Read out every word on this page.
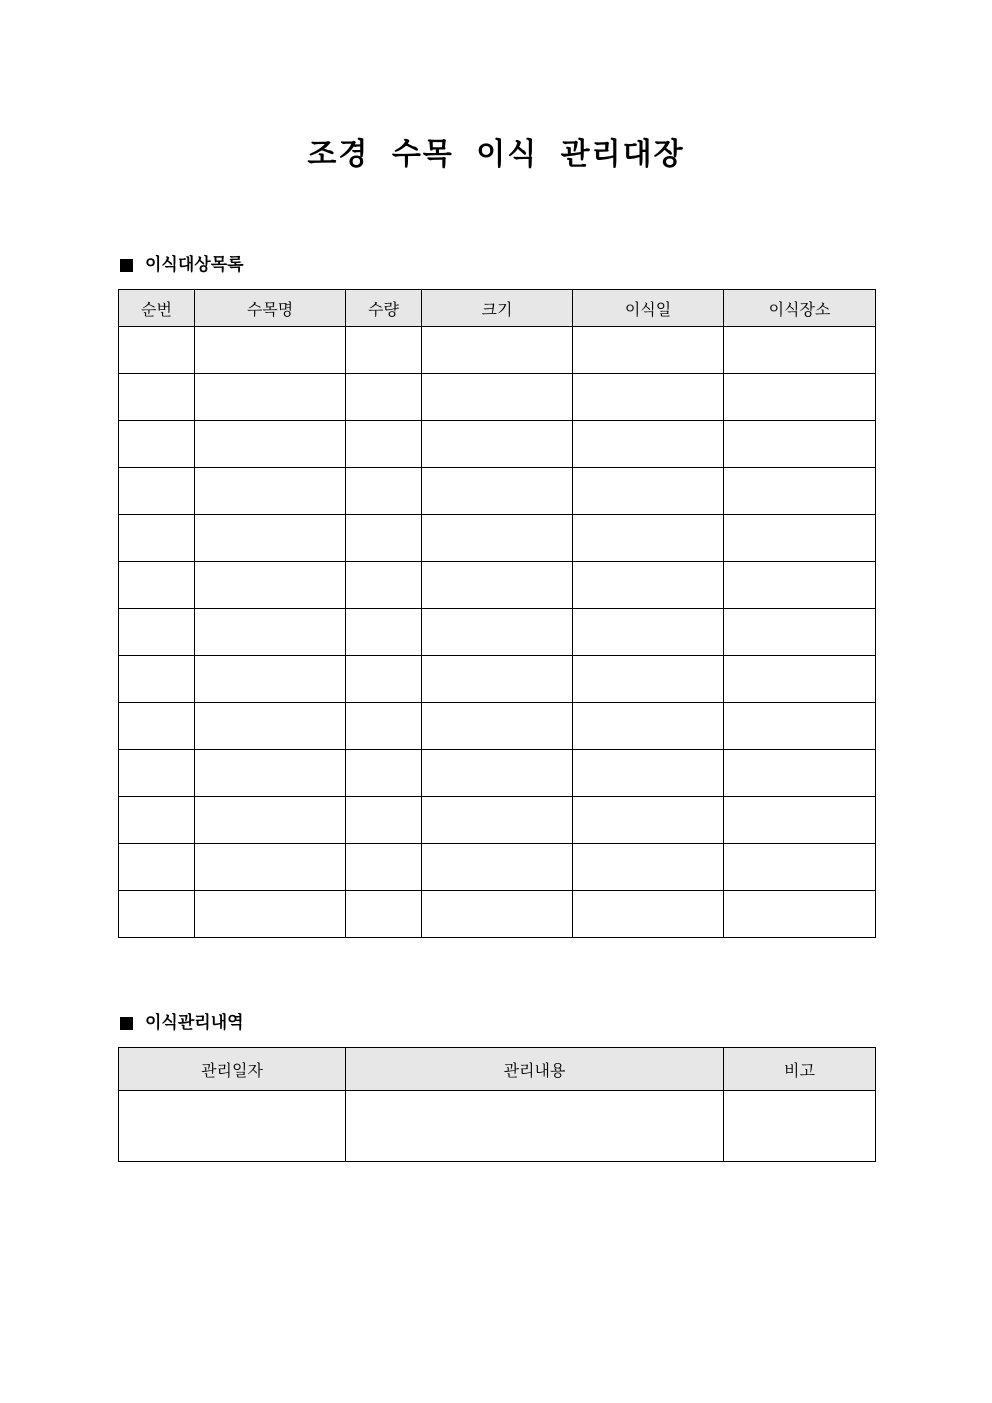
조경 수목 이식 관리대장
이식대상목록
순번	수목명	수량	크기	이식일	이식장소

이식관리내역
관리일자	관리내용	비고
